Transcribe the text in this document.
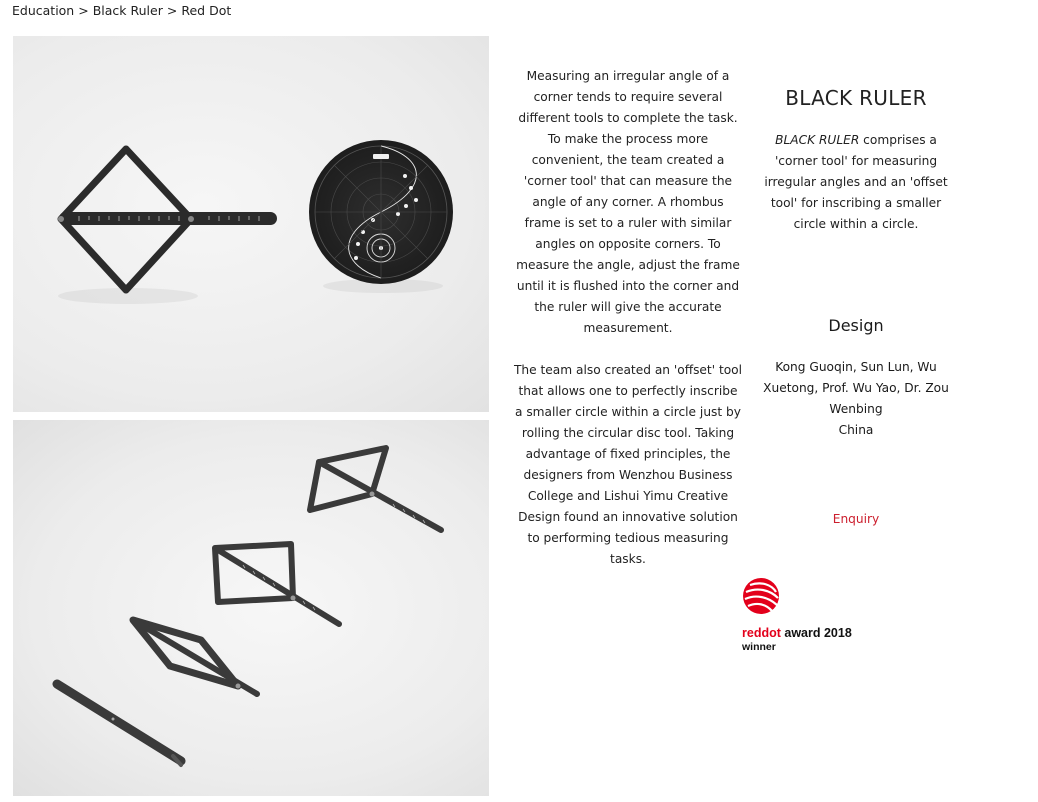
Education > Black Ruler > Red Dot

Measuring an irregular angle of a corner tends to require several different tools to complete the task. To make the process more convenient, the team created a 'corner tool' that can measure the angle of any corner. A rhombus frame is set to a ruler with similar angles on opposite corners. To measure the angle, adjust the frame until it is flushed into the corner and the ruler will give the accurate measurement.

The team also created an 'offset' tool that allows one to perfectly inscribe a smaller circle within a circle just by rolling the circular disc tool. Taking advantage of fixed principles, the designers from Wenzhou Business College and Lishui Yimu Creative Design found an innovative solution to performing tedious measuring tasks.

BLACK RULER
BLACK RULER comprises a 'corner tool' for measuring irregular angles and an 'offset tool' for inscribing a smaller circle within a circle.
Design
Kong Guoqin, Sun Lun, Wu Xuetong, Prof. Wu Yao, Dr. Zou Wenbing
China
Enquiry
reddot award 2018
winner
